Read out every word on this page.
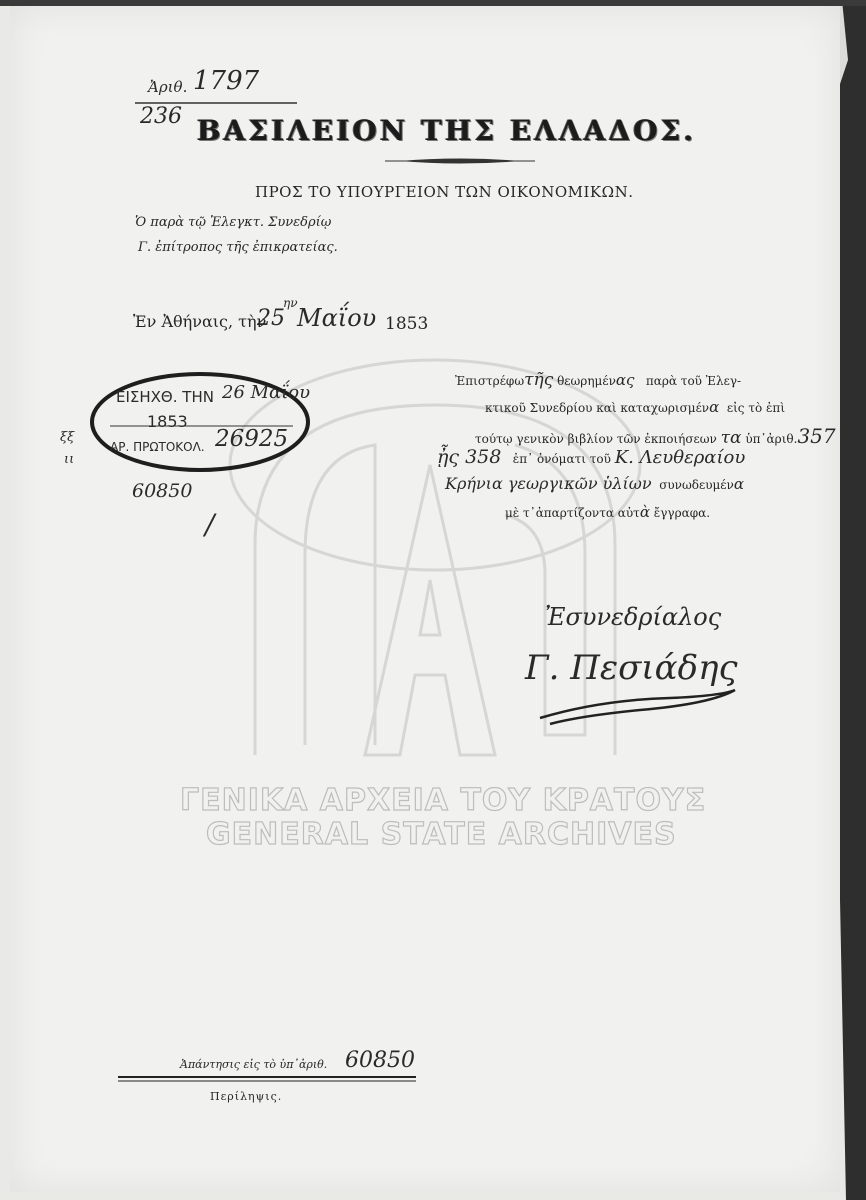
Ἀριθ. 1797
236 ΒΑΣΙΛΕΙΟΝ ΤΗΣ ΕΛΛΑΔΟΣ.
ΠΡΟΣ ΤΟ ΥΠΟΥΡΓΕΙΟΝ ΤΩΝ ΟΙΚΟΝΟΜΙΚΩΝ.
Ὁ παρὰ τῷ Ἐλεγκτ. Συνεδρίῳ
Γ. ἐπίτροπος τῆς ἐπικρατείας.
Ἐν Ἀθήναις, τὴν
25
ην
Μαΐου 1853
ΕΙΣΗΧΘ. ΤΗΝ 26 Μαΐου
1853
ΑΡ. ΠΡΩΤΟΚΟΛ. 26925
ξξ
ιι
60850
/
Ἐπιστρέφωτῆς θεωρημένας παρὰ τοῦ Ἐλεγ-
κτικοῦ Συνεδρίου καὶ καταχωρισμένα εἰς τὸ ἐπὶ
τούτῳ γενικὸν βιβλίον τῶν ἐκποιήσεων τα ὑπ᾽ἀριθ.357
ᾖς 358 ἐπ᾽ ὀνόματι τοῦ Κ. Λευθεραίου
Κρήνια γεωργικῶν ὑλίων συνωδευμένα
μὲ τ᾽ἀπαρτίζοντα αὐτὰ ἔγγραφα.
Ἐσυνεδρίαλος
Γ. Πεσιάδης
ΓΕΝΙΚΑ ΑΡΧΕΙΑ ΤΟΥ ΚΡΑΤΟΥΣ
GENERAL STATE ARCHIVES
Ἀπάντησις εἰς τὸ ὑπ᾽ἀριθ. 60850
Περίληψις.
